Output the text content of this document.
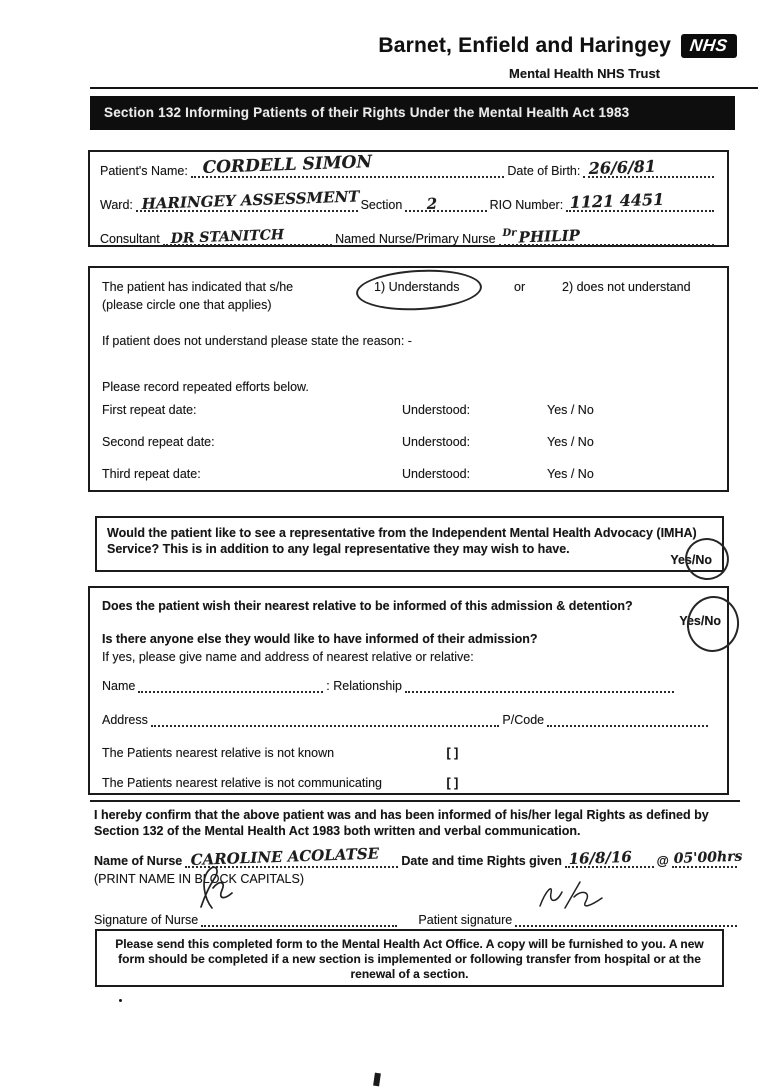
Barnet, Enfield and Haringey NHS
Mental Health NHS Trust
Section 132 Informing Patients of their Rights Under the Mental Health Act 1983
Patient's Name: CORDELL SIMON	Date of Birth: 26/6/81
Ward: HARINGEY ASSESSMENT Section 2	RIO Number: 1121 4451
Consultant DR STANITCH	Named Nurse/Primary Nurse $^{Dr}$ PHILIP
The patient has indicated that s/he
(please circle one that applies)
1) Understands	or	2) does not understand
If patient does not understand please state the reason: -
Please record repeated efforts below.
First repeat date:	Understood:	Yes / No
Second repeat date:	Understood:	Yes / No
Third repeat date:	Understood:	Yes / No
Would the patient like to see a representative from the Independent Mental Health Advocacy (IMHA) Service? This is in addition to any legal representative they may wish to have.
Yes/No
Does the patient wish their nearest relative to be informed of this admission & detention?
Yes/No
Is there anyone else they would like to have informed of their admission?
If yes, please give name and address of nearest relative or relative:
Name	: Relationship
Address	P/Code
The Patients nearest relative is not known	[ ]
The Patients nearest relative is not communicating	[ ]
I hereby confirm that the above patient was and has been informed of his/her legal Rights as defined by Section 132 of the Mental Health Act 1983 both written and verbal communication.
Name of Nurse CAROLINE ACOLATSE Date and time Rights given 16/8/16 @ 05'00hrs
(PRINT NAME IN BLOCK CAPITALS)
Signature of Nurse	Patient signature
Please send this completed form to the Mental Health Act Office. A copy will be furnished to you. A new form should be completed if a new section is implemented or following transfer from hospital or at the renewal of a section.
